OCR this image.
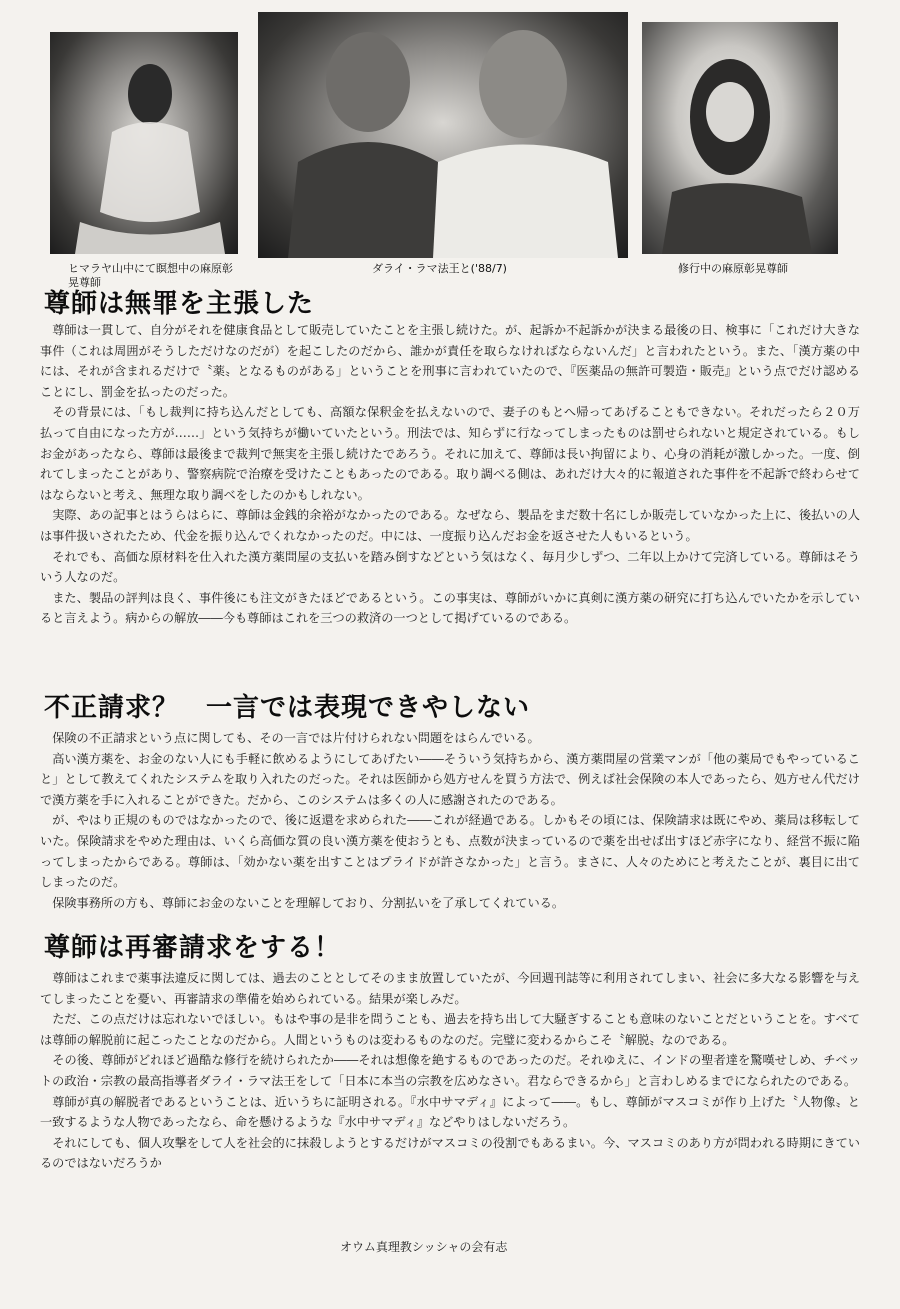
ヒマラヤ山中にて瞑想中の麻原彰晃尊師
ダライ・ラマ法王と('88/7)	修行中の麻原彰晃尊師
尊師は無罪を主張した

尊師は一貫して、自分がそれを健康食品として販売していたことを主張し続けた。が、起訴か不起訴かが決まる最後の日、検事に「これだけ大きな事件（これは周囲がそうしただけなのだが）を起こしたのだから、誰かが責任を取らなければならないんだ」と言われたという。また、「漢方薬の中には、それが含まれるだけで〝薬〟となるものがある」ということを刑事に言われていたので、『医薬品の無許可製造・販売』という点でだけ認めることにし、罰金を払ったのだった。

その背景には、「もし裁判に持ち込んだとしても、高額な保釈金を払えないので、妻子のもとへ帰ってあげることもできない。それだったら２０万払って自由になった方が……」という気持ちが働いていたという。刑法では、知らずに行なってしまったものは罰せられないと規定されている。もしお金があったなら、尊師は最後まで裁判で無実を主張し続けたであろう。それに加えて、尊師は長い拘留により、心身の消耗が激しかった。一度、倒れてしまったことがあり、警察病院で治療を受けたこともあったのである。取り調べる側は、あれだけ大々的に報道された事件を不起訴で終わらせてはならないと考え、無理な取り調べをしたのかもしれない。

実際、あの記事とはうらはらに、尊師は金銭的余裕がなかったのである。なぜなら、製品をまだ数十名にしか販売していなかった上に、後払いの人は事件扱いされたため、代金を振り込んでくれなかったのだ。中には、一度振り込んだお金を返させた人もいるという。

それでも、高価な原材料を仕入れた漢方薬問屋の支払いを踏み倒すなどという気はなく、毎月少しずつ、二年以上かけて完済している。尊師はそういう人なのだ。

また、製品の評判は良く、事件後にも注文がきたほどであるという。この事実は、尊師がいかに真剣に漢方薬の研究に打ち込んでいたかを示していると言えよう。病からの解放――今も尊師はこれを三つの救済の一つとして掲げているのである。

不正請求？　一言では表現できやしない

保険の不正請求という点に関しても、その一言では片付けられない問題をはらんでいる。

高い漢方薬を、お金のない人にも手軽に飲めるようにしてあげたい――そういう気持ちから、漢方薬問屋の営業マンが「他の薬局でもやっていること」として教えてくれたシステムを取り入れたのだった。それは医師から処方せんを買う方法で、例えば社会保険の本人であったら、処方せん代だけで漢方薬を手に入れることができた。だから、このシステムは多くの人に感謝されたのである。

が、やはり正規のものではなかったので、後に返還を求められた――これが経過である。しかもその頃には、保険請求は既にやめ、薬局は移転していた。保険請求をやめた理由は、いくら高価な質の良い漢方薬を使おうとも、点数が決まっているので薬を出せば出すほど赤字になり、経営不振に陥ってしまったからである。尊師は、「効かない薬を出すことはプライドが許さなかった」と言う。まさに、人々のためにと考えたことが、裏目に出てしまったのだ。

保険事務所の方も、尊師にお金のないことを理解しており、分割払いを了承してくれている。

尊師は再審請求をする！

尊師はこれまで薬事法違反に関しては、過去のこととしてそのまま放置していたが、今回週刊誌等に利用されてしまい、社会に多大なる影響を与えてしまったことを憂い、再審請求の準備を始められている。結果が楽しみだ。

ただ、この点だけは忘れないでほしい。もはや事の是非を問うことも、過去を持ち出して大騒ぎすることも意味のないことだということを。すべては尊師の解脱前に起こったことなのだから。人間というものは変わるものなのだ。完璧に変わるからこそ〝解脱〟なのである。

その後、尊師がどれほど過酷な修行を続けられたか――それは想像を絶するものであったのだ。それゆえに、インドの聖者達を驚嘆せしめ、チベットの政治・宗教の最高指導者ダライ・ラマ法王をして「日本に本当の宗教を広めなさい。君ならできるから」と言わしめるまでになられたのである。

尊師が真の解脱者であるということは、近いうちに証明される。『水中サマディ』によって――。もし、尊師がマスコミが作り上げた〝人物像〟と一致するような人物であったなら、命を懸けるような『水中サマディ』などやりはしないだろう。

それにしても、個人攻撃をして人を社会的に抹殺しようとするだけがマスコミの役割でもあるまい。今、マスコミのあり方が問われる時期にきているのではないだろうか

オウム真理教シッシャの会有志
